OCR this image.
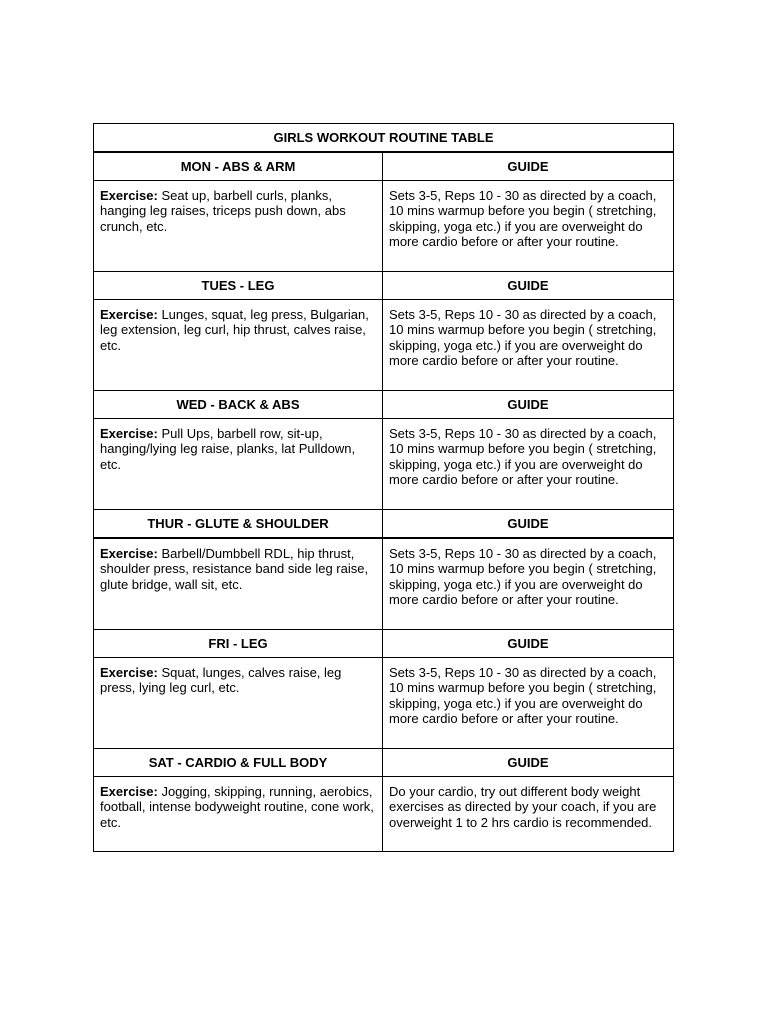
GIRLS WORKOUT ROUTINE TABLE	
MON - ABS & ARM	GUIDE
Exercise: Seat up, barbell curls, planks, hanging leg raises, triceps push down, abs crunch, etc.	Sets 3-5, Reps 10 - 30 as directed by a coach, 10 mins warmup before you begin ( stretching, skipping, yoga etc.) if you are overweight do more cardio before or after your routine.
TUES - LEG	GUIDE
Exercise: Lunges, squat, leg press, Bulgarian, leg extension, leg curl, hip thrust, calves raise, etc.	Sets 3-5, Reps 10 - 30 as directed by a coach, 10 mins warmup before you begin ( stretching, skipping, yoga etc.) if you are overweight do more cardio before or after your routine.
WED - BACK & ABS	GUIDE
Exercise: Pull Ups, barbell row, sit-up, hanging/lying leg raise, planks, lat Pulldown, etc.	Sets 3-5, Reps 10 - 30 as directed by a coach, 10 mins warmup before you begin ( stretching, skipping, yoga etc.) if you are overweight do more cardio before or after your routine.
THUR - GLUTE & SHOULDER	GUIDE
Exercise: Barbell/Dumbbell RDL, hip thrust, shoulder press, resistance band side leg raise, glute bridge, wall sit, etc.	Sets 3-5, Reps 10 - 30 as directed by a coach, 10 mins warmup before you begin ( stretching, skipping, yoga etc.) if you are overweight do more cardio before or after your routine.
FRI - LEG	GUIDE
Exercise: Squat, lunges, calves raise, leg press, lying leg curl, etc.	Sets 3-5, Reps 10 - 30 as directed by a coach, 10 mins warmup before you begin ( stretching, skipping, yoga etc.) if you are overweight do more cardio before or after your routine.
SAT - CARDIO & FULL BODY	GUIDE
Exercise: Jogging, skipping, running, aerobics, football, intense bodyweight routine, cone work, etc.	Do your cardio, try out different body weight exercises as directed by your coach, if you are overweight 1 to 2 hrs cardio is recommended.
